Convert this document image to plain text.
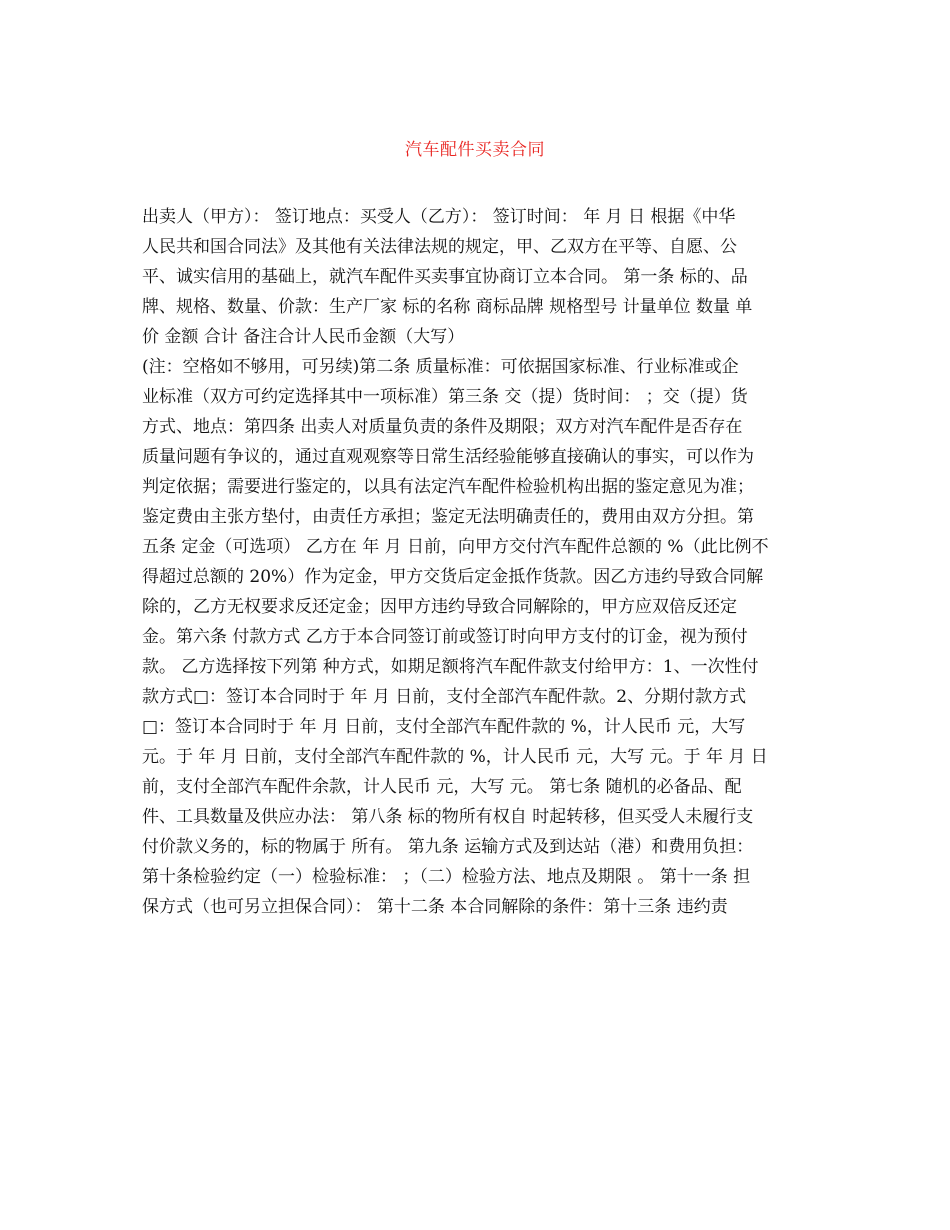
汽车配件买卖合同
出卖人（甲方）： 签订地点：买受人（乙方）： 签订时间： 年 月 日 根据《中华
人民共和国合同法》及其他有关法律法规的规定，甲、乙双方在平等、自愿、公
平、诚实信用的基础上，就汽车配件买卖事宜协商订立本合同。 第一条 标的、品
牌、规格、数量、价款：生产厂家 标的名称 商标品牌 规格型号 计量单位 数量 单
价 金额 合计 备注合计人民币金额（大写）
(注：空格如不够用，可另续)第二条 质量标准：可依据国家标准、行业标准或企
业标准（双方可约定选择其中一项标准）第三条 交（提）货时间： ；交（提）货
方式、地点：第四条 出卖人对质量负责的条件及期限；双方对汽车配件是否存在
质量问题有争议的，通过直观观察等日常生活经验能够直接确认的事实，可以作为
判定依据；需要进行鉴定的，以具有法定汽车配件检验机构出据的鉴定意见为准；
鉴定费由主张方垫付，由责任方承担；鉴定无法明确责任的，费用由双方分担。第
五条 定金（可选项） 乙方在 年 月 日前，向甲方交付汽车配件总额的 %（此比例不
得超过总额的 20%）作为定金，甲方交货后定金抵作货款。因乙方违约导致合同解
除的，乙方无权要求反还定金；因甲方违约导致合同解除的，甲方应双倍反还定
金。第六条 付款方式 乙方于本合同签订前或签订时向甲方支付的订金，视为预付
款。 乙方选择按下列第 种方式，如期足额将汽车配件款支付给甲方：1、一次性付
款方式□：签订本合同时于 年 月 日前，支付全部汽车配件款。2、分期付款方式
□：签订本合同时于 年 月 日前，支付全部汽车配件款的 %，计人民币 元，大写
元。于 年 月 日前，支付全部汽车配件款的 %，计人民币 元，大写 元。于 年 月 日
前，支付全部汽车配件余款，计人民币 元，大写 元。 第七条 随机的必备品、配
件、工具数量及供应办法： 第八条 标的物所有权自 时起转移，但买受人未履行支
付价款义务的，标的物属于 所有。 第九条 运输方式及到达站（港）和费用负担：
第十条检验约定（一）检验标准： ；（二）检验方法、地点及期限 。 第十一条 担
保方式（也可另立担保合同）： 第十二条 本合同解除的条件：第十三条 违约责
